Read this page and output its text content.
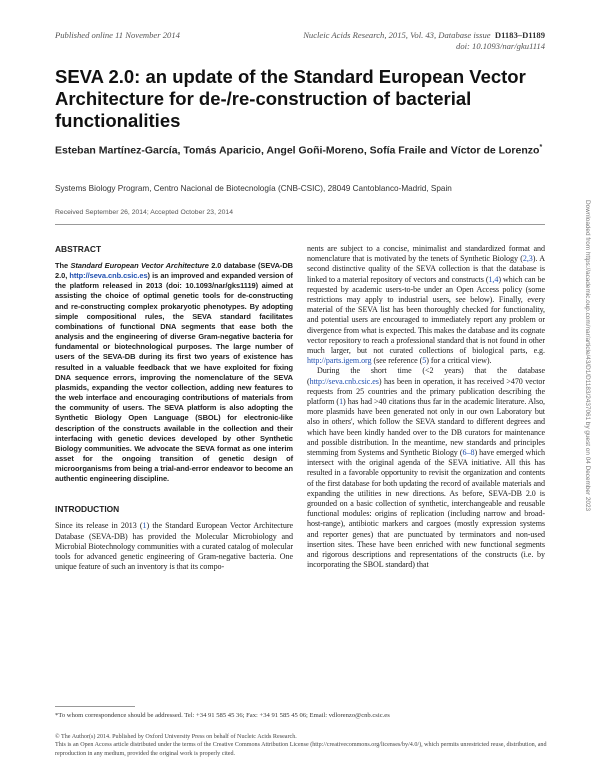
Published online 11 November 2014	Nucleic Acids Research, 2015, Vol. 43, Database issue D1183–D1189
doi: 10.1093/nar/gku1114
SEVA 2.0: an update of the Standard European Vector Architecture for de-/re-construction of bacterial functionalities

Esteban Martínez-García, Tomás Aparicio, Angel Goñi-Moreno, Sofía Fraile and Víctor de Lorenzo*

Systems Biology Program, Centro Nacional de Biotecnología (CNB-CSIC), 28049 Cantoblanco-Madrid, Spain
Received September 26, 2014; Accepted October 23, 2014	Downloaded from https://academic.oup.com/nar/article/43/D1/D1183/2437061 by guest on 04 December 2023
ABSTRACT

The Standard European Vector Architecture 2.0 database (SEVA-DB 2.0, http://seva.cnb.csic.es) is an improved and expanded version of the platform released in 2013 (doi: 10.1093/nar/gks1119) aimed at assisting the choice of optimal genetic tools for de-constructing and re-constructing complex prokaryotic phenotypes. By adopting simple compositional rules, the SEVA standard facilitates combinations of functional DNA segments that ease both the analysis and the engineering of diverse Gram-negative bacteria for fundamental or biotechnological purposes. The large number of users of the SEVA-DB during its first two years of existence has resulted in a valuable feedback that we have exploited for fixing DNA sequence errors, improving the nomenclature of the SEVA plasmids, expanding the vector collection, adding new features to the web interface and encouraging contributions of materials from the community of users. The SEVA platform is also adopting the Synthetic Biology Open Language (SBOL) for electronic-like description of the constructs available in the collection and their interfacing with genetic devices developed by other Synthetic Biology communities. We advocate the SEVA format as one interim asset for the ongoing transition of genetic design of microorganisms from being a trial-and-error endeavor to become an authentic engineering discipline.

INTRODUCTION

Since its release in 2013 (1) the Standard European Vector Architecture Database (SEVA-DB) has provided the Molecular Microbiology and Microbial Biotechnology communities with a curated catalog of molecular tools for advanced genetic engineering of Gram-negative bacteria. One unique feature of such an inventory is that its compo-

nents are subject to a concise, minimalist and standardized format and nomenclature that is motivated by the tenets of Synthetic Biology (2,3). A second distinctive quality of the SEVA collection is that the database is linked to a material repository of vectors and constructs (1,4) which can be requested by academic users-to-be under an Open Access policy (some restrictions may apply to industrial users, see below). Finally, every material of the SEVA list has been thoroughly checked for functionality, and potential users are encouraged to immediately report any problem or divergence from what is expected. This makes the database and its cognate vector repository to reach a professional standard that is not found in other much larger, but not curated collections of biological parts, e.g. http://parts.igem.org (see reference (5) for a critical view).

During the short time (<2 years) that the database (http://seva.cnb.csic.es) has been in operation, it has received >470 vector requests from 25 countries and the primary publication describing the platform (1) has had >40 citations thus far in the academic literature. Also, more plasmids have been generated not only in our own Laboratory but also in others', which follow the SEVA standard to different degrees and which have been kindly handed over to the DB curators for maintenance and possible distribution. In the meantime, new standards and principles stemming from Systems and Synthetic Biology (6–8) have emerged which intersect with the original agenda of the SEVA initiative. All this has resulted in a favorable opportunity to revisit the organization and contents of the first database for both updating the record of available materials and expanding the utilities in new directions. As before, SEVA-DB 2.0 is grounded on a basic collection of synthetic, interchangeable and reusable functional modules: origins of replication (including narrow and broad-host-range), antibiotic markers and cargoes (mostly expression systems and reporter genes) that are punctuated by terminators and non-used insertion sites. These have been enriched with new functional segments and rigorous descriptions and representations of the constructs (i.e. by incorporating the SBOL standard) that

*To whom correspondence should be addressed. Tel: +34 91 585 45 36; Fax: +34 91 585 45 06; Email: vdlorenzo@cnb.csic.es
© The Author(s) 2014. Published by Oxford University Press on behalf of Nucleic Acids Research.
This is an Open Access article distributed under the terms of the Creative Commons Attribution License (http://creativecommons.org/licenses/by/4.0/), which permits unrestricted reuse, distribution, and reproduction in any medium, provided the original work is properly cited.
